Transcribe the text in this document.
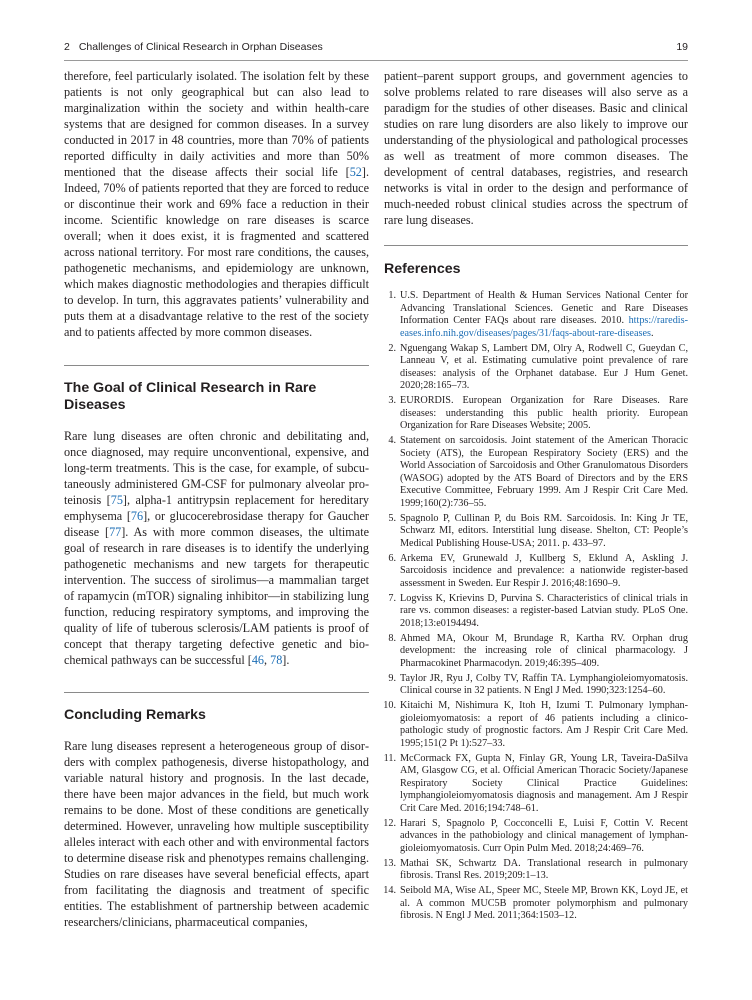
2 Challenges of Clinical Research in Orphan Diseases	19

therefore, feel particularly isolated. The isolation felt by these patients is not only geographical but can also lead to marginalization within the society and within health-care systems that are designed for common diseases. In a survey conducted in 2017 in 48 countries, more than 70% of patients reported difficulty in daily activities and more than 50% mentioned that the disease affects their social life [52]. Indeed, 70% of patients reported that they are forced to reduce or discontinue their work and 69% face a reduction in their income. Scientific knowledge on rare diseases is scarce overall; when it does exist, it is fragmented and scattered across national territory. For most rare conditions, the causes, pathogenetic mechanisms, and epidemiology are unknown, which makes diagnostic methodologies and therapies difficult to develop. In turn, this aggravates patients’ vulnerability and puts them at a disadvantage relative to the rest of the society and to patients affected by more common diseases.

The Goal of Clinical Research in Rare Diseases

Rare lung diseases are often chronic and debilitating and, once diagnosed, may require unconventional, expensive, and long-term treatments. This is the case, for example, of subcutaneously administered GM-CSF for pulmonary alveolar proteinosis [75], alpha-1 antitrypsin replacement for hereditary emphysema [76], or glucocerebrosidase therapy for Gaucher disease [77]. As with more common diseases, the ultimate goal of research in rare diseases is to identify the underlying pathogenetic mechanisms and new targets for therapeutic intervention. The success of sirolimus—a mammalian target of rapamycin (mTOR) signaling inhibitor—in stabilizing lung function, reducing respiratory symptoms, and improving the quality of life of tuberous sclerosis/LAM patients is proof of concept that therapy targeting defective genetic and biochemical pathways can be successful [46, 78].

Concluding Remarks

Rare lung diseases represent a heterogeneous group of disorders with complex pathogenesis, diverse histopathology, and variable natural history and prognosis. In the last decade, there have been major advances in the field, but much work remains to be done. Most of these conditions are genetically determined. However, unraveling how multiple susceptibility alleles interact with each other and with environmental factors to determine disease risk and phenotypes remains challenging. Studies on rare diseases have several beneficial effects, apart from facilitating the diagnosis and treatment of specific entities. The establishment of partnership between academic researchers/clinicians, pharmaceutical companies,

patient–parent support groups, and government agencies to solve problems related to rare diseases will also serve as a paradigm for the studies of other diseases. Basic and clinical studies on rare lung disorders are also likely to improve our understanding of the physiological and pathological processes as well as treatment of more common diseases. The development of central databases, registries, and research networks is vital in order to the design and performance of much-needed robust clinical studies across the spectrum of rare lung diseases.

References
1. U.S. Department of Health & Human Services National Center for Advancing Translational Sciences. Genetic and Rare Diseases Information Center FAQs about rare diseases. 2010. https://rarediseases.info.nih.gov/diseases/pages/31/faqs-about-rare-diseases.
2. Nguengang Wakap S, Lambert DM, Olry A, Rodwell C, Gueydan C, Lanneau V, et al. Estimating cumulative point prevalence of rare diseases: analysis of the Orphanet database. Eur J Hum Genet. 2020;28:165–73.
3. EURORDIS. European Organization for Rare Diseases. Rare diseases: understanding this public health priority. European Organization for Rare Diseases Website; 2005.
4. Statement on sarcoidosis. Joint statement of the American Thoracic Society (ATS), the European Respiratory Society (ERS) and the World Association of Sarcoidosis and Other Granulomatous Disorders (WASOG) adopted by the ATS Board of Directors and by the ERS Executive Committee, February 1999. Am J Respir Crit Care Med. 1999;160(2):736–55.
5. Spagnolo P, Cullinan P, du Bois RM. Sarcoidosis. In: King Jr TE, Schwarz MI, editors. Interstitial lung disease. Shelton, CT: People’s Medical Publishing House-USA; 2011. p. 433–97.
6. Arkema EV, Grunewald J, Kullberg S, Eklund A, Askling J. Sarcoidosis incidence and prevalence: a nationwide register-based assessment in Sweden. Eur Respir J. 2016;48:1690–9.
7. Logviss K, Krievins D, Purvina S. Characteristics of clinical trials in rare vs. common diseases: a register-based Latvian study. PLoS One. 2018;13:e0194494.
8. Ahmed MA, Okour M, Brundage R, Kartha RV. Orphan drug development: the increasing role of clinical pharmacology. J Pharmacokinet Pharmacodyn. 2019;46:395–409.
9. Taylor JR, Ryu J, Colby TV, Raffin TA. Lymphangioleiomyomatosis. Clinical course in 32 patients. N Engl J Med. 1990;323:1254–60.
10. Kitaichi M, Nishimura K, Itoh H, Izumi T. Pulmonary lymphangioleiomyomatosis: a report of 46 patients including a clinicopathologic study of prognostic factors. Am J Respir Crit Care Med. 1995;151(2 Pt 1):527–33.
11. McCormack FX, Gupta N, Finlay GR, Young LR, Taveira-DaSilva AM, Glasgow CG, et al. Official American Thoracic Society/Japanese Respiratory Society Clinical Practice Guidelines: lymphangioleiomyomatosis diagnosis and management. Am J Respir Crit Care Med. 2016;194:748–61.
12. Harari S, Spagnolo P, Cocconcelli E, Luisi F, Cottin V. Recent advances in the pathobiology and clinical management of lymphangioleiomyomatosis. Curr Opin Pulm Med. 2018;24:469–76.
13. Mathai SK, Schwartz DA. Translational research in pulmonary fibrosis. Transl Res. 2019;209:1–13.
14. Seibold MA, Wise AL, Speer MC, Steele MP, Brown KK, Loyd JE, et al. A common MUC5B promoter polymorphism and pulmonary fibrosis. N Engl J Med. 2011;364:1503–12.
